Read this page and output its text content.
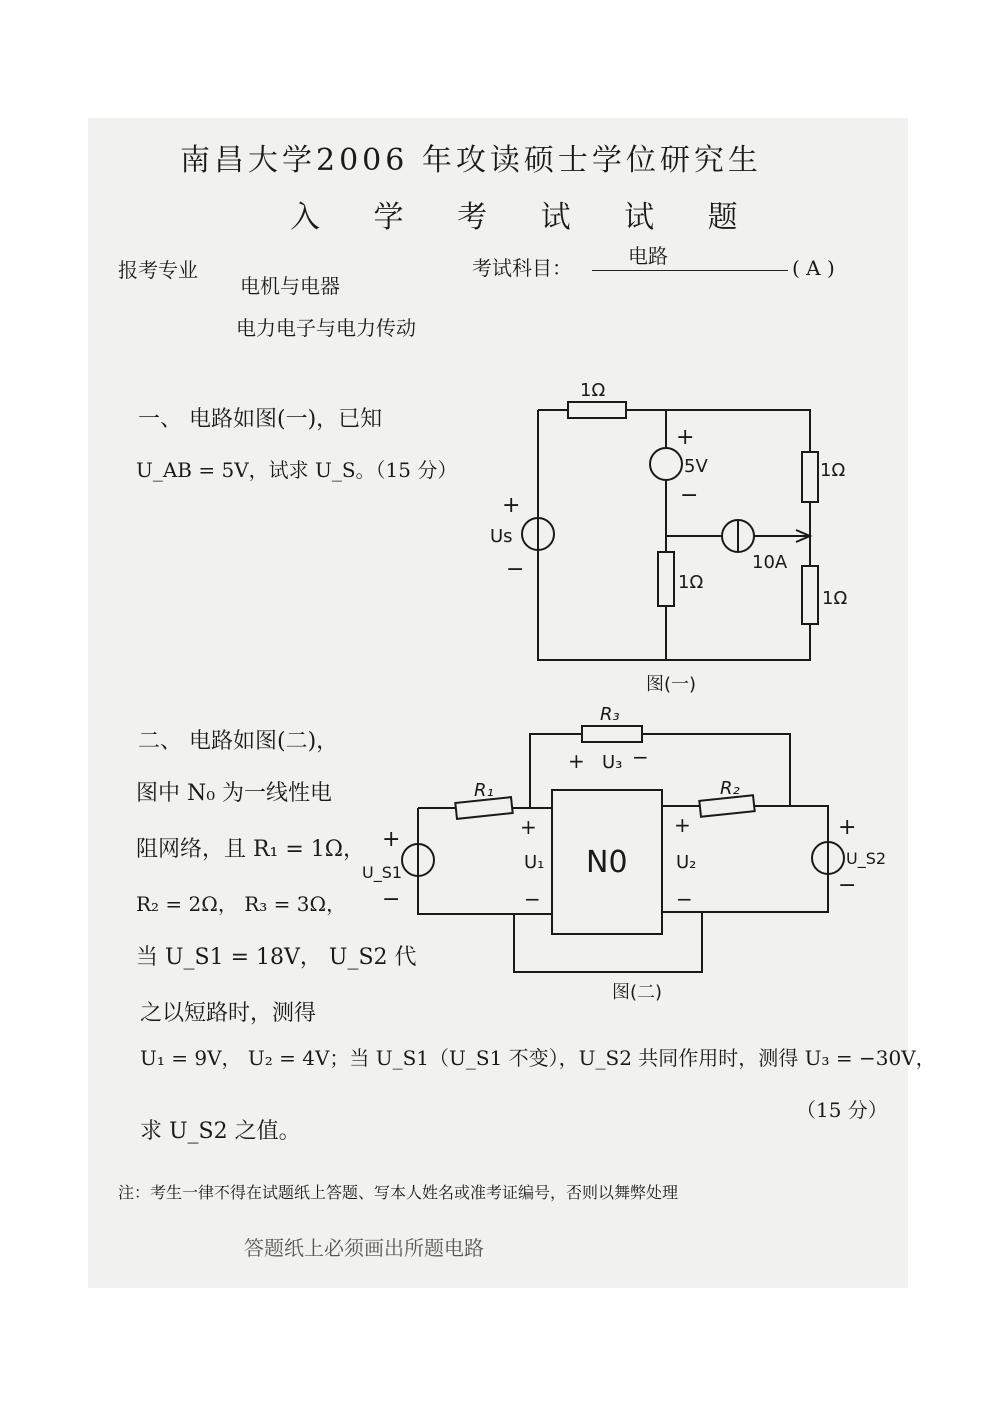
南昌大学2006 年攻读硕士学位研究生
入 学 考 试 试 题
报考专业
电机与电器
电力电子与电力传动
考试科目：	电路	( A )
一、 电路如图(一)，已知
U_AB = 5V，试求 U_S。（15 分）
二、 电路如图(二)，
图中 N₀ 为一线性电
阻网络，且 R₁ = 1Ω，
R₂ = 2Ω， R₃ = 3Ω，
当 U_S1 = 18V， U_S2 代
之以短路时，测得
U₁ = 9V， U₂ = 4V；当 U_S1（U_S1 不变），U_S2 共同作用时，测得 U₃ = −30V，
（15 分）
求 U_S2 之值。
注：考生一律不得在试题纸上答题、写本人姓名或准考证编号，否则以舞弊处理
答题纸上必须画出所题电路
1Ω
+
5V
−
1Ω
10A
1Ω
1Ω
+
Us
−
图(一)
R₃
+ U₃ −
R₁	R₂
+
U₁
−
N0
+
U₂
−
+
U_S1
−
+
U_S2
−
图(二)
